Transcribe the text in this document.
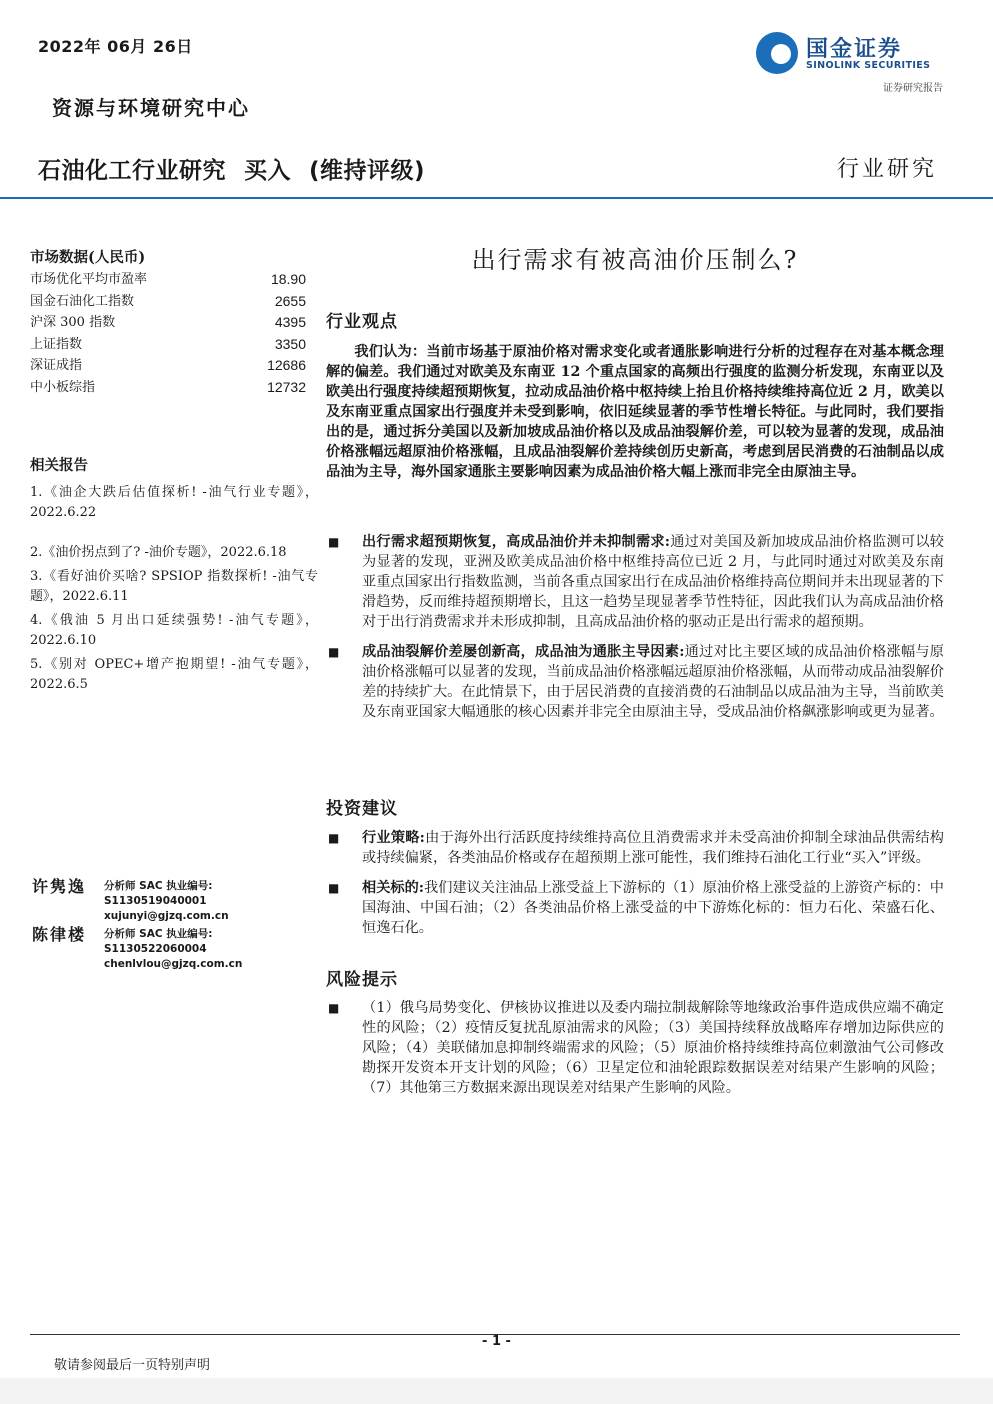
2022年 06月 26日
资源与环境研究中心
国金证券
SINOLINK SECURITIES
证券研究报告
石油化工行业研究 买入 (维持评级)	行业研究
市场数据(人民币)
市场优化平均市盈率	18.90
国金石油化工指数	2655
沪深 300 指数	4395
上证指数	3350
深证成指	12686
中小板综指	12732
相关报告
1.《油企大跌后估值探析! -油气行业专题》，2022.6.22
2.《油价拐点到了? -油价专题》，2022.6.18
3.《看好油价买啥? SPSIOP 指数探析! -油气专题》，2022.6.11
4.《俄油 5 月出口延续强势! -油气专题》，2022.6.10
5.《别对 OPEC+增产抱期望! -油气专题》，2022.6.5
许隽逸 分析师 SAC 执业编号: S1130519040001
xujunyi@gjzq.com.cn
陈律楼 分析师 SAC 执业编号: S1130522060004
chenlvlou@gjzq.com.cn
出行需求有被高油价压制么?
行业观点
我们认为：当前市场基于原油价格对需求变化或者通胀影响进行分析的过程存在对基本概念理解的偏差。我们通过对欧美及东南亚 12 个重点国家的高频出行强度的监测分析发现，东南亚以及欧美出行强度持续超预期恢复，拉动成品油价格中枢持续上抬且价格持续维持高位近 2 月，欧美以及东南亚重点国家出行强度并未受到影响，依旧延续显著的季节性增长特征。与此同时，我们要指出的是，通过拆分美国以及新加坡成品油价格以及成品油裂解价差，可以较为显著的发现，成品油价格涨幅远超原油价格涨幅，且成品油裂解价差持续创历史新高，考虑到居民消费的石油制品以成品油为主导，海外国家通胀主要影响因素为成品油价格大幅上涨而非完全由原油主导。
■	出行需求超预期恢复，高成品油价并未抑制需求:通过对美国及新加坡成品油价格监测可以较为显著的发现，亚洲及欧美成品油价格中枢维持高位已近 2 月，与此同时通过对欧美及东南亚重点国家出行指数监测，当前各重点国家出行在成品油价格维持高位期间并未出现显著的下滑趋势，反而维持超预期增长，且这一趋势呈现显著季节性特征，因此我们认为高成品油价格对于出行消费需求并未形成抑制，且高成品油价格的驱动正是出行需求的超预期。
■	成品油裂解价差屡创新高，成品油为通胀主导因素:通过对比主要区域的成品油价格涨幅与原油价格涨幅可以显著的发现，当前成品油价格涨幅远超原油价格涨幅，从而带动成品油裂解价差的持续扩大。在此情景下，由于居民消费的直接消费的石油制品以成品油为主导，当前欧美及东南亚国家大幅通胀的核心因素并非完全由原油主导，受成品油价格飙涨影响或更为显著。
投资建议
■	行业策略:由于海外出行活跃度持续维持高位且消费需求并未受高油价抑制全球油品供需结构或持续偏紧，各类油品价格或存在超预期上涨可能性，我们维持石油化工行业“买入”评级。
■	相关标的:我们建议关注油品上涨受益上下游标的（1）原油价格上涨受益的上游资产标的：中国海油、中国石油；（2）各类油品价格上涨受益的中下游炼化标的：恒力石化、荣盛石化、恒逸石化。
风险提示
■	（1）俄乌局势变化、伊核协议推进以及委内瑞拉制裁解除等地缘政治事件造成供应端不确定性的风险；（2）疫情反复扰乱原油需求的风险；（3）美国持续释放战略库存增加边际供应的风险；（4）美联储加息抑制终端需求的风险；（5）原油价格持续维持高位刺激油气公司修改勘探开发资本开支计划的风险；（6）卫星定位和油轮跟踪数据误差对结果产生影响的风险；（7）其他第三方数据来源出现误差对结果产生影响的风险。
- 1 -
敬请参阅最后一页特别声明
